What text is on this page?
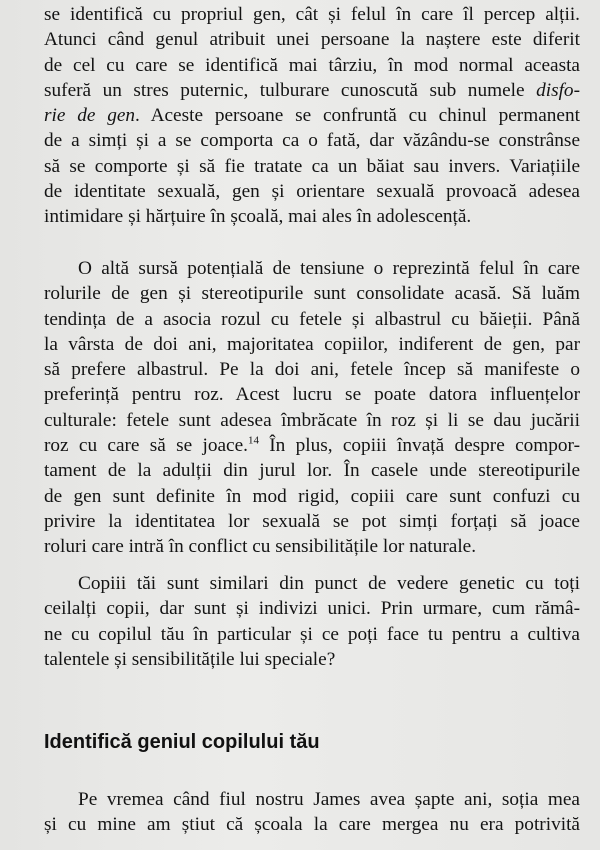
se identifică cu propriul gen, cât și felul în care îl percep alții.
Atunci când genul atribuit unei persoane la naștere este diferit
de cel cu care se identifică mai târziu, în mod normal aceasta
suferă un stres puternic, tulburare cunoscută sub numele disfo-
rie de gen. Aceste persoane se confruntă cu chinul permanent
de a simți și a se comporta ca o fată, dar văzându-se constrânse
să se comporte și să fie tratate ca un băiat sau invers. Variațiile
de identitate sexuală, gen și orientare sexuală provoacă adesea
intimidare și hărțuire în școală, mai ales în adolescență.
O altă sursă potențială de tensiune o reprezintă felul în care
rolurile de gen și stereotipurile sunt consolidate acasă. Să luăm
tendința de a asocia rozul cu fetele și albastrul cu băieții. Până
la vârsta de doi ani, majoritatea copiilor, indiferent de gen, par
să prefere albastrul. Pe la doi ani, fetele încep să manifeste o
preferință pentru roz. Acest lucru se poate datora influențelor
culturale: fetele sunt adesea îmbrăcate în roz și li se dau jucării
roz cu care să se joace.$^{14}$ În plus, copiii învață despre compor-
tament de la adulții din jurul lor. În casele unde stereotipurile
de gen sunt definite în mod rigid, copiii care sunt confuzi cu
privire la identitatea lor sexuală se pot simți forțați să joace
roluri care intră în conflict cu sensibilitățile lor naturale.
Copiii tăi sunt similari din punct de vedere genetic cu toți
ceilalți copii, dar sunt și indivizi unici. Prin urmare, cum rămâ-
ne cu copilul tău în particular și ce poți face tu pentru a cultiva
talentele și sensibilitățile lui speciale?
Identifică geniul copilului tău
Pe vremea când fiul nostru James avea șapte ani, soția mea
și cu mine am știut că școala la care mergea nu era potrivită
